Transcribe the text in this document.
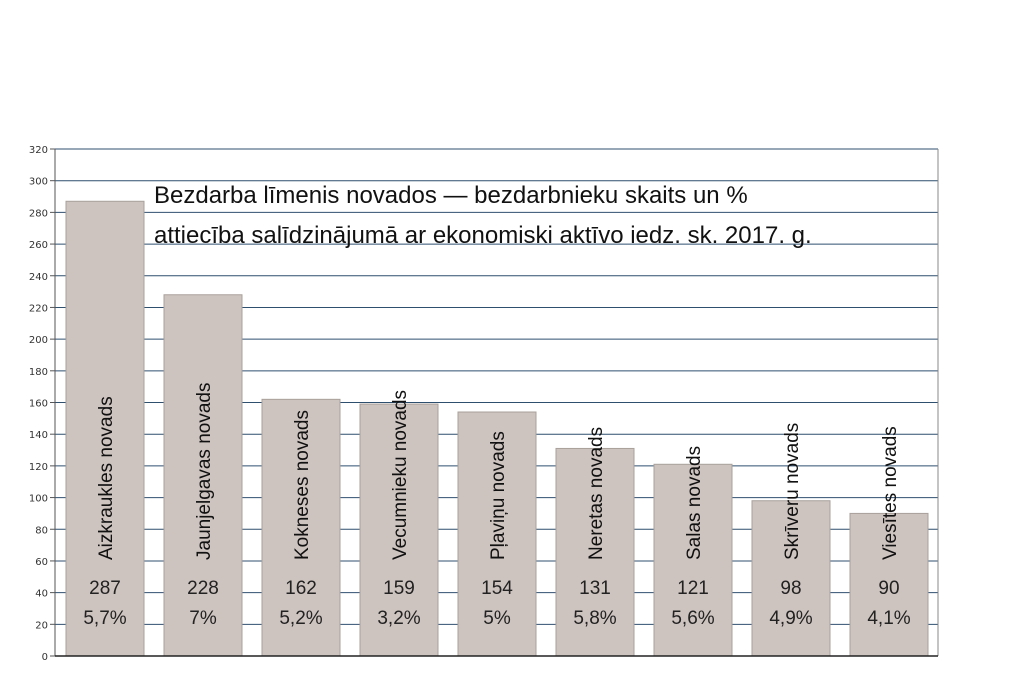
0
20
40
60
80
100
120
140
160
180
200
220
240
260
280
300
320
Aizkraukles novads	Jaunjelgavas novads	Kokneses novads	Vecumnieku novads	Pļaviņu novads	Neretas novads	Salas novads	Skrīveru novads	Viesītes novads
287
5,7%
228
7%
162
5,2%
159
3,2%
154
5%
131
5,8%
121
5,6%
98
4,9%
90
4,1%
Bezdarba līmenis novados — bezdarbnieku skaits un %
attiecība salīdzinājumā ar ekonomiski aktīvo iedz. sk. 2017. g.
